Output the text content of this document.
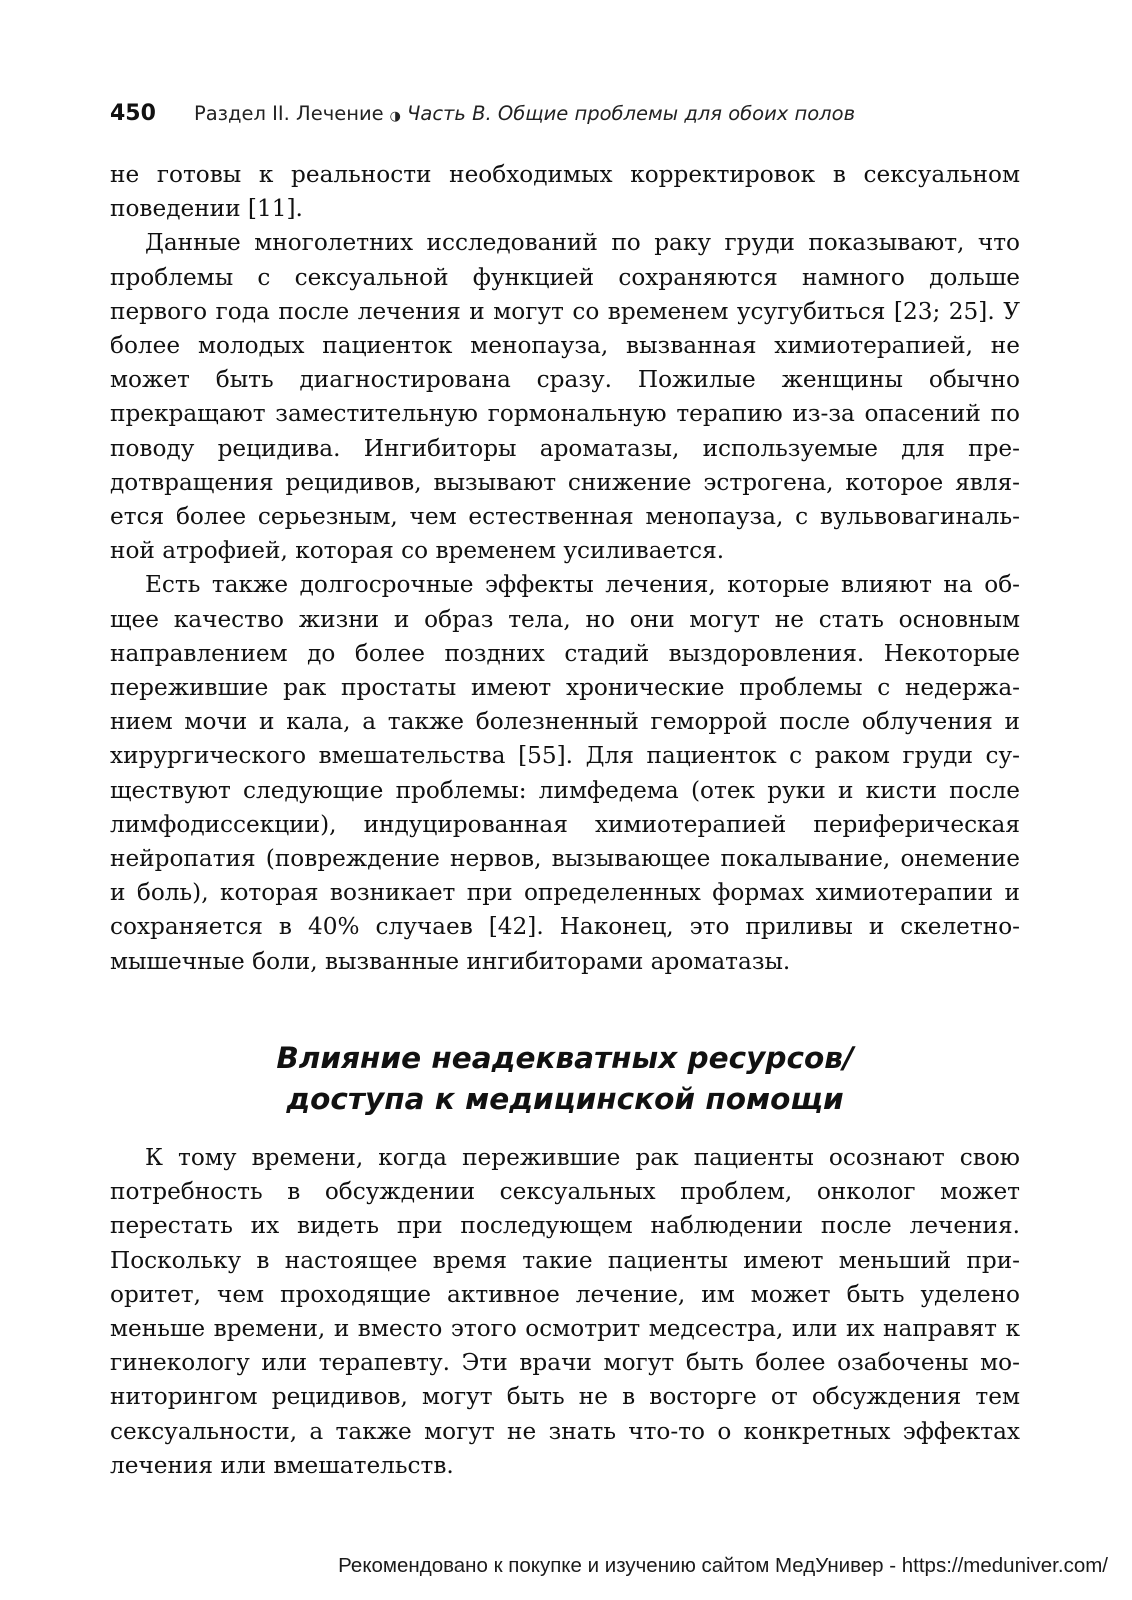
450 Раздел II. Лечение ◑ Часть B. Общие проблемы для обоих полов

не готовы к реальности необходимых корректировок в сексуальном поведении [11].

Данные многолетних исследований по раку груди показывают, что проблемы с сексуальной функцией сохраняются намного дольше первого года после лечения и могут со временем усугубиться [23; 25]. У более молодых пациенток менопауза, вызванная химиотерапией, не может быть диагностирована сразу. Пожилые женщины обычно прекращают заместительную гормональную терапию из-за опасений по поводу рецидива. Ингибиторы ароматазы, используемые для предотвращения рецидивов, вызывают снижение эстрогена, которое является более серьезным, чем естественная менопауза, с вульвовагинальной атрофией, которая со временем усиливается.

Есть также долгосрочные эффекты лечения, которые влияют на общее качество жизни и образ тела, но они могут не стать основным направлением до более поздних стадий выздоровления. Некоторые пережившие рак простаты имеют хронические проблемы с недержанием мочи и кала, а также болезненный геморрой после облучения и хирургического вмешательства [55]. Для пациенток с раком груди существуют следующие проблемы: лимфедема (отек руки и кисти после лимфодиссекции), индуцированная химиотерапией периферическая нейропатия (повреждение нервов, вызывающее покалывание, онемение и боль), которая возникает при определенных формах химиотерапии и сохраняется в 40% случаев [42]. Наконец, это приливы и скелетно-мышечные боли, вызванные ингибиторами ароматазы.

Влияние неадекватных ресурсов/
доступа к медицинской помощи

К тому времени, когда пережившие рак пациенты осознают свою потребность в обсуждении сексуальных проблем, онколог может перестать их видеть при последующем наблюдении после лечения. Поскольку в настоящее время такие пациенты имеют меньший приоритет, чем проходящие активное лечение, им может быть уделено меньше времени, и вместо этого осмотрит медсестра, или их направят к гинекологу или терапевту. Эти врачи могут быть более озабочены мониторингом рецидивов, могут быть не в восторге от обсуждения тем сексуальности, а также могут не знать что-то о конкретных эффектах лечения или вмешательств.

Рекомендовано к покупке и изучению сайтом МедУнивер - https://meduniver.com/
